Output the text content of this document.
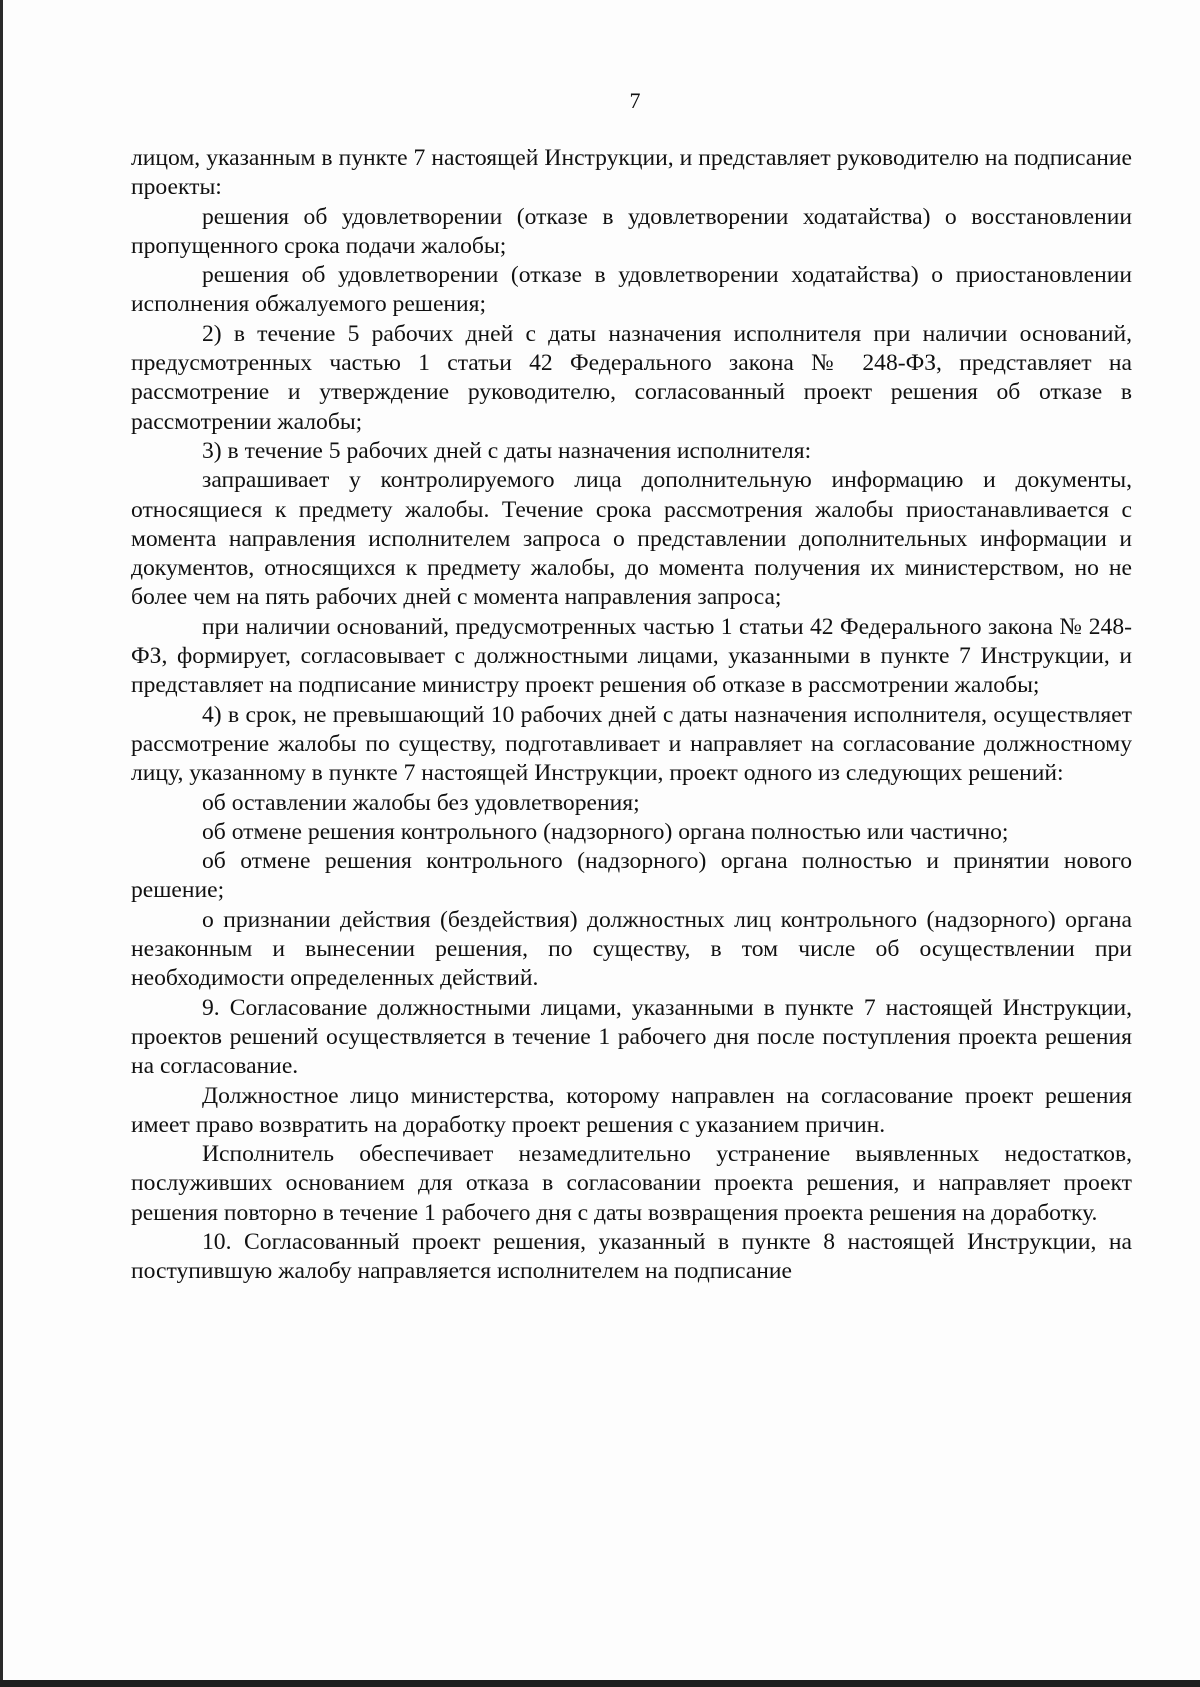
7

лицом, указанным в пункте 7 настоящей Инструкции, и представляет руководителю на подписание проекты:

решения об удовлетворении (отказе в удовлетворении ходатайства) о восстановлении пропущенного срока подачи жалобы;

решения об удовлетворении (отказе в удовлетворении ходатайства) о приостановлении исполнения обжалуемого решения;

2) в течение 5 рабочих дней с даты назначения исполнителя при наличии оснований, предусмотренных частью 1 статьи 42 Федерального закона № 248-ФЗ, представляет на рассмотрение и утверждение руководителю, согласованный проект решения об отказе в рассмотрении жалобы;

3) в течение 5 рабочих дней с даты назначения исполнителя:

запрашивает у контролируемого лица дополнительную информацию и документы, относящиеся к предмету жалобы. Течение срока рассмотрения жалобы приостанавливается с момента направления исполнителем запроса о представлении дополнительных информации и документов, относящихся к предмету жалобы, до момента получения их министерством, но не более чем на пять рабочих дней с момента направления запроса;

при наличии оснований, предусмотренных частью 1 статьи 42 Федерального закона № 248-ФЗ, формирует, согласовывает с должностными лицами, указанными в пункте 7 Инструкции, и представляет на подписание министру проект решения об отказе в рассмотрении жалобы;

4) в срок, не превышающий 10 рабочих дней с даты назначения исполнителя, осуществляет рассмотрение жалобы по существу, подготавливает и направляет на согласование должностному лицу, указанному в пункте 7 настоящей Инструкции, проект одного из следующих решений:

об оставлении жалобы без удовлетворения;

об отмене решения контрольного (надзорного) органа полностью или частично;

об отмене решения контрольного (надзорного) органа полностью и принятии нового решение;

о признании действия (бездействия) должностных лиц контрольного (надзорного) органа незаконным и вынесении решения, по существу, в том числе об осуществлении при необходимости определенных действий.

9. Согласование должностными лицами, указанными в пункте 7 настоящей Инструкции, проектов решений осуществляется в течение 1 рабочего дня после поступления проекта решения на согласование.

Должностное лицо министерства, которому направлен на согласование проект решения имеет право возвратить на доработку проект решения с указанием причин.

Исполнитель обеспечивает незамедлительно устранение выявленных недостатков, послуживших основанием для отказа в согласовании проекта решения, и направляет проект решения повторно в течение 1 рабочего дня с даты возвращения проекта решения на доработку.

10. Согласованный проект решения, указанный в пункте 8 настоящей Инструкции, на поступившую жалобу направляется исполнителем на подписание
